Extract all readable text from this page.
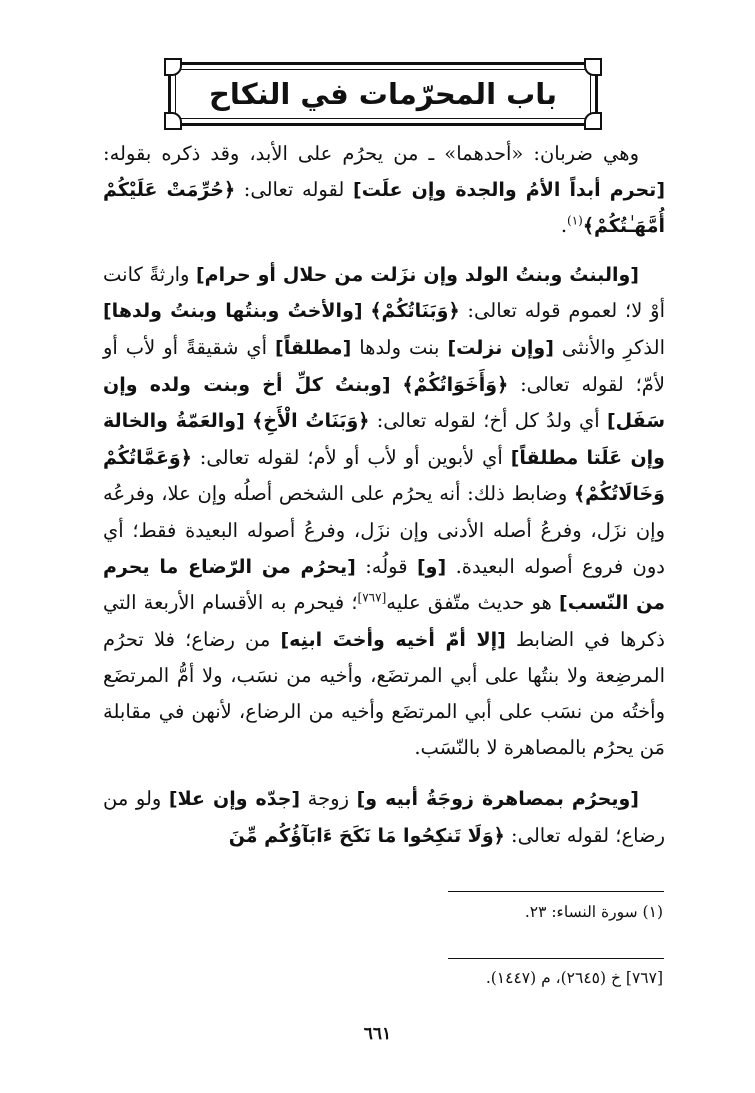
باب المحرّمات في النكاح

وهي ضربان: «أحدهما» ـ من يحرُم على الأبد، وقد ذكره بقوله: [تحرم أبداً الأمُ والجدة وإن علَت] لقوله تعالى: ﴿حُرِّمَتْ عَلَيْكُمْ أُمَّهَـٰتُكُمْ﴾$^{(١)}$.

[والبنتُ وبنتُ الولد وإن نزَلت من حلال أو حرام] وارثةً كانت أوْ لا؛ لعموم قوله تعالى: ﴿وَبَنَاتُكُمْ﴾ [والأختُ وبنتُها وبنتُ ولدها] الذكرِ والأنثى [وإن نزلت] بنت ولدها [مطلقاً] أي شقيقةً أو لأب أو لأمّ؛ لقوله تعالى: ﴿وَأَخَوَاتُكُمْ﴾ [وبنتُ كلِّ أخ وبنت ولده وإن سَفَل] أي ولدُ كل أخ؛ لقوله تعالى: ﴿وَبَنَاتُ الْأَخِ﴾ [والعَمّةُ والخالة وإن عَلَتا مطلقاً] أي لأبوين أو لأب أو لأم؛ لقوله تعالى: ﴿وَعَمَّاتُكُمْ وَخَالَاتُكُمْ﴾ وضابط ذلك: أنه يحرُم على الشخص أصلُه وإن علا، وفرعُه وإن نزَل، وفرعُ أصله الأدنى وإن نزَل، وفرعُ أصوله البعيدة فقط؛ أي دون فروع أصوله البعيدة. [و] قولُه: [يحرُم من الرّضاع ما يحرم من النّسب] هو حديث متّفق عليه[٧٦٧]؛ فيحرم به الأقسام الأربعة التي ذكرها في الضابط [إلا أمّ أخيه وأختَ ابنِه] من رضاع؛ فلا تحرُم المرضِعة ولا بنتُها على أبي المرتضَع، وأخيه من نسَب، ولا أمُّ المرتضَع وأختُه من نسَب على أبي المرتضَع وأخيه من الرضاع، لأنهن في مقابلة مَن يحرُم بالمصاهرة لا بالنّسَب.

[ويحرُم بمصاهرة زوجَةُ أبيه و] زوجة [جدّه وإن علا] ولو من رضاع؛ لقوله تعالى: ﴿وَلَا تَنكِحُوا مَا نَكَحَ ءَابَآؤُكُم مِّنَ

(١) سورة النساء: ٢٣.
[٧٦٧] خ (٢٦٤٥)، م (١٤٤٧).
٦٦١
